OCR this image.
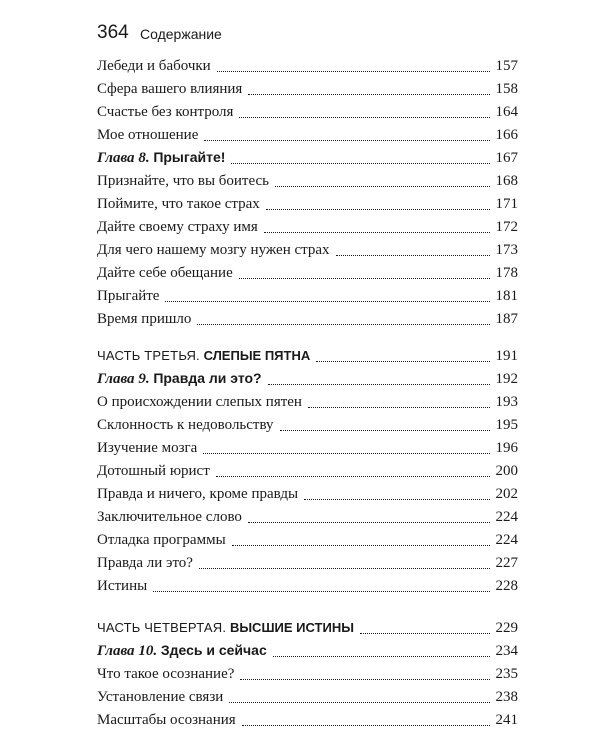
364 Содержание
Лебеди и бабочки	157
Сфера вашего влияния	158
Счастье без контроля	164
Мое отношение	166
Глава 8. Прыгайте!	167
Признайте, что вы боитесь	168
Поймите, что такое страх	171
Дайте своему страху имя	172
Для чего нашему мозгу нужен страх	173
Дайте себе обещание	178
Прыгайте	181
Время пришло	187
ЧАСТЬ ТРЕТЬЯ. СЛЕПЫЕ ПЯТНА	191
Глава 9. Правда ли это?	192
О происхождении слепых пятен	193
Склонность к недовольству	195
Изучение мозга	196
Дотошный юрист	200
Правда и ничего, кроме правды	202
Заключительное слово	224
Отладка программы	224
Правда ли это?	227
Истины	228
ЧАСТЬ ЧЕТВЕРТАЯ. ВЫСШИЕ ИСТИНЫ	229
Глава 10. Здесь и сейчас	234
Что такое осознание?	235
Установление связи	238
Масштабы осознания	241
